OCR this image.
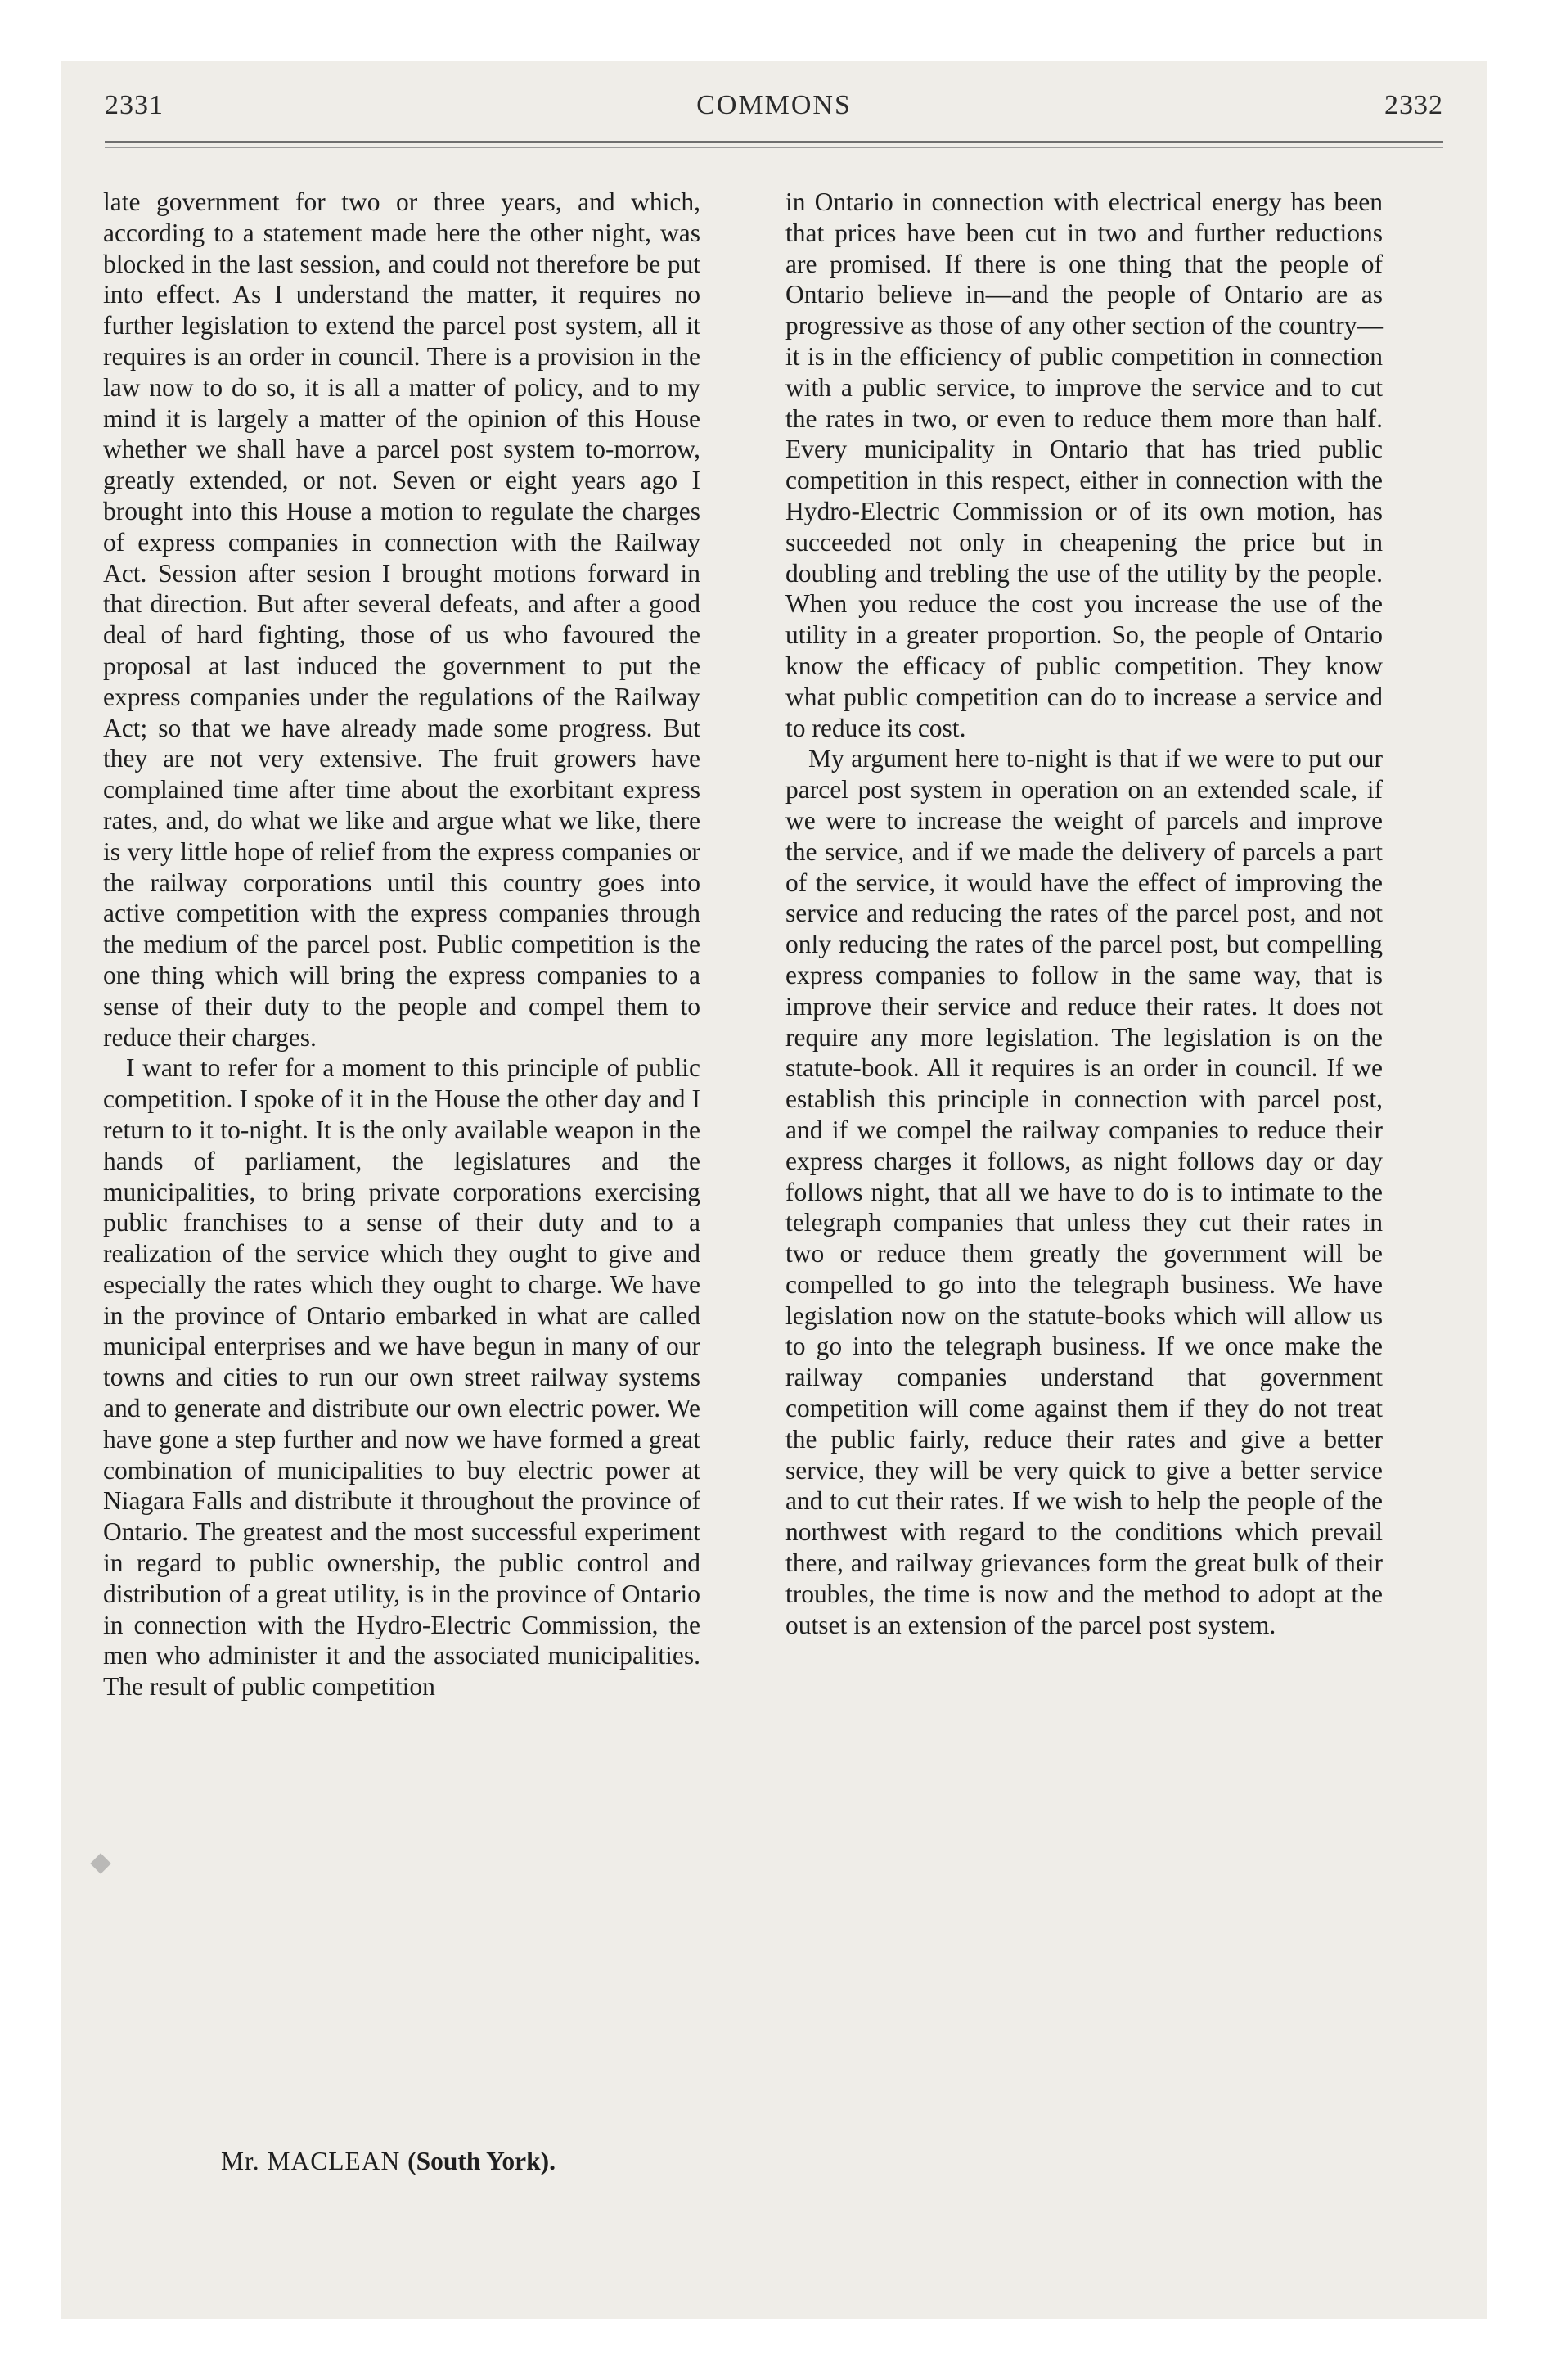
2331	COMMONS	2332

late government for two or three years, and which, according to a statement made here the other night, was blocked in the last session, and could not therefore be put into effect. As I understand the matter, it requires no further legislation to extend the parcel post system, all it requires is an order in council. There is a provision in the law now to do so, it is all a matter of policy, and to my mind it is largely a matter of the opinion of this House whether we shall have a parcel post system to-morrow, greatly extended, or not. Seven or eight years ago I brought into this House a motion to regulate the charges of express companies in connection with the Railway Act. Session after sesion I brought motions forward in that direction. But after several defeats, and after a good deal of hard fighting, those of us who favoured the proposal at last induced the government to put the express companies under the regulations of the Railway Act; so that we have already made some progress. But they are not very extensive. The fruit growers have complained time after time about the exorbitant express rates, and, do what we like and argue what we like, there is very little hope of relief from the express companies or the railway corporations until this country goes into active competition with the express companies through the medium of the parcel post. Public competition is the one thing which will bring the express companies to a sense of their duty to the people and compel them to reduce their charges.

I want to refer for a moment to this principle of public competition. I spoke of it in the House the other day and I return to it to-night. It is the only available weapon in the hands of parliament, the legislatures and the municipalities, to bring private corporations exercising public franchises to a sense of their duty and to a realization of the service which they ought to give and especially the rates which they ought to charge. We have in the province of Ontario embarked in what are called municipal enterprises and we have begun in many of our towns and cities to run our own street railway systems and to generate and distribute our own electric power. We have gone a step further and now we have formed a great combination of municipalities to buy electric power at Niagara Falls and distribute it throughout the province of Ontario. The greatest and the most successful experiment in regard to public ownership, the public control and distribution of a great utility, is in the province of Ontario in connection with the Hydro-Electric Commission, the men who administer it and the associated municipalities. The result of public competition

in Ontario in connection with electrical energy has been that prices have been cut in two and further reductions are promised. If there is one thing that the people of Ontario believe in—and the people of Ontario are as progressive as those of any other section of the country—it is in the efficiency of public competition in connection with a public service, to improve the service and to cut the rates in two, or even to reduce them more than half. Every municipality in Ontario that has tried public competition in this respect, either in connection with the Hydro-Electric Commission or of its own motion, has succeeded not only in cheapening the price but in doubling and trebling the use of the utility by the people. When you reduce the cost you increase the use of the utility in a greater proportion. So, the people of Ontario know the efficacy of public competition. They know what public competition can do to increase a service and to reduce its cost.

My argument here to-night is that if we were to put our parcel post system in operation on an extended scale, if we were to increase the weight of parcels and improve the service, and if we made the delivery of parcels a part of the service, it would have the effect of improving the service and reducing the rates of the parcel post, and not only reducing the rates of the parcel post, but compelling express companies to follow in the same way, that is improve their service and reduce their rates. It does not require any more legislation. The legislation is on the statute-book. All it requires is an order in council. If we establish this principle in connection with parcel post, and if we compel the railway companies to reduce their express charges it follows, as night follows day or day follows night, that all we have to do is to intimate to the telegraph companies that unless they cut their rates in two or reduce them greatly the government will be compelled to go into the telegraph business. We have legislation now on the statute-books which will allow us to go into the telegraph business. If we once make the railway companies understand that government competition will come against them if they do not treat the public fairly, reduce their rates and give a better service, they will be very quick to give a better service and to cut their rates. If we wish to help the people of the northwest with regard to the conditions which prevail there, and railway grievances form the great bulk of their troubles, the time is now and the method to adopt at the outset is an extension of the parcel post system.

Mr. MACLEAN (South York).
